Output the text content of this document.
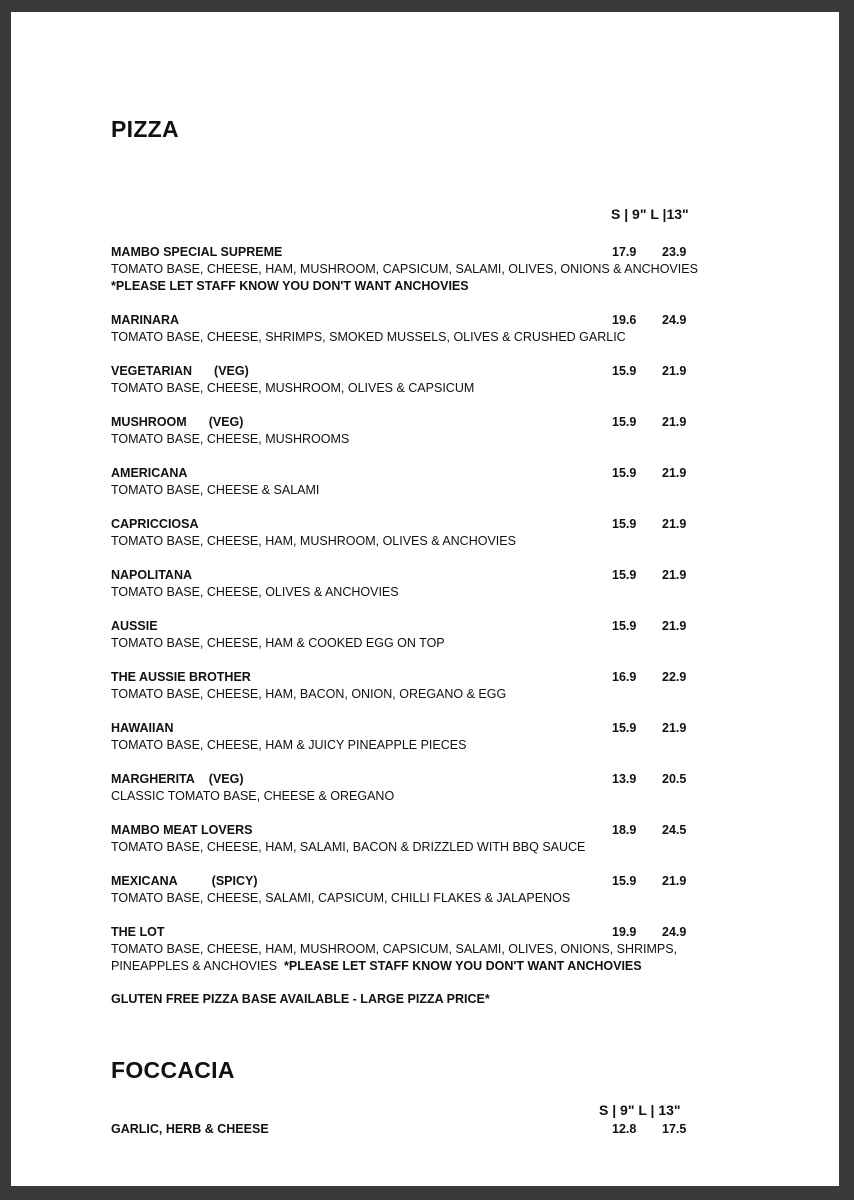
PIZZA
S | 9" L |13"
MAMBO SPECIAL SUPREME
TOMATO BASE, CHEESE, HAM, MUSHROOM, CAPSICUM, SALAMI, OLIVES, ONIONS & ANCHOVIES
*PLEASE LET STAFF KNOW YOU DON'T WANT ANCHOVIES
17.9 23.9
MARINARA
TOMATO BASE, CHEESE, SHRIMPS, SMOKED MUSSELS, OLIVES & CRUSHED GARLIC
19.6 24.9
VEGETARIAN (VEG)
TOMATO BASE, CHEESE, MUSHROOM, OLIVES & CAPSICUM
15.9 21.9
MUSHROOM (VEG)
TOMATO BASE, CHEESE, MUSHROOMS
15.9 21.9
AMERICANA
TOMATO BASE, CHEESE & SALAMI
15.9 21.9
CAPRICCIOSA
TOMATO BASE, CHEESE, HAM, MUSHROOM, OLIVES & ANCHOVIES
15.9 21.9
NAPOLITANA
TOMATO BASE, CHEESE, OLIVES & ANCHOVIES
15.9 21.9
AUSSIE
TOMATO BASE, CHEESE, HAM & COOKED EGG ON TOP
15.9 21.9
THE AUSSIE BROTHER
TOMATO BASE, CHEESE, HAM, BACON, ONION, OREGANO & EGG
16.9 22.9
HAWAIIAN
TOMATO BASE, CHEESE, HAM & JUICY PINEAPPLE PIECES
15.9 21.9
MARGHERITA (VEG)
CLASSIC TOMATO BASE, CHEESE & OREGANO
13.9 20.5
MAMBO MEAT LOVERS
TOMATO BASE, CHEESE, HAM, SALAMI, BACON & DRIZZLED WITH BBQ SAUCE
18.9 24.5
MEXICANA	(SPICY)
TOMATO BASE, CHEESE, SALAMI, CAPSICUM, CHILLI FLAKES & JALAPENOS
15.9 21.9
THE LOT
TOMATO BASE, CHEESE, HAM, MUSHROOM, CAPSICUM, SALAMI, OLIVES, ONIONS, SHRIMPS,
PINEAPPLES & ANCHOVIES *PLEASE LET STAFF KNOW YOU DON'T WANT ANCHOVIES
19.9 24.9
GLUTEN FREE PIZZA BASE AVAILABLE - LARGE PIZZA PRICE*
FOCCACIA
S | 9" L | 13"
GARLIC, HERB & CHEESE	12.8 17.5
